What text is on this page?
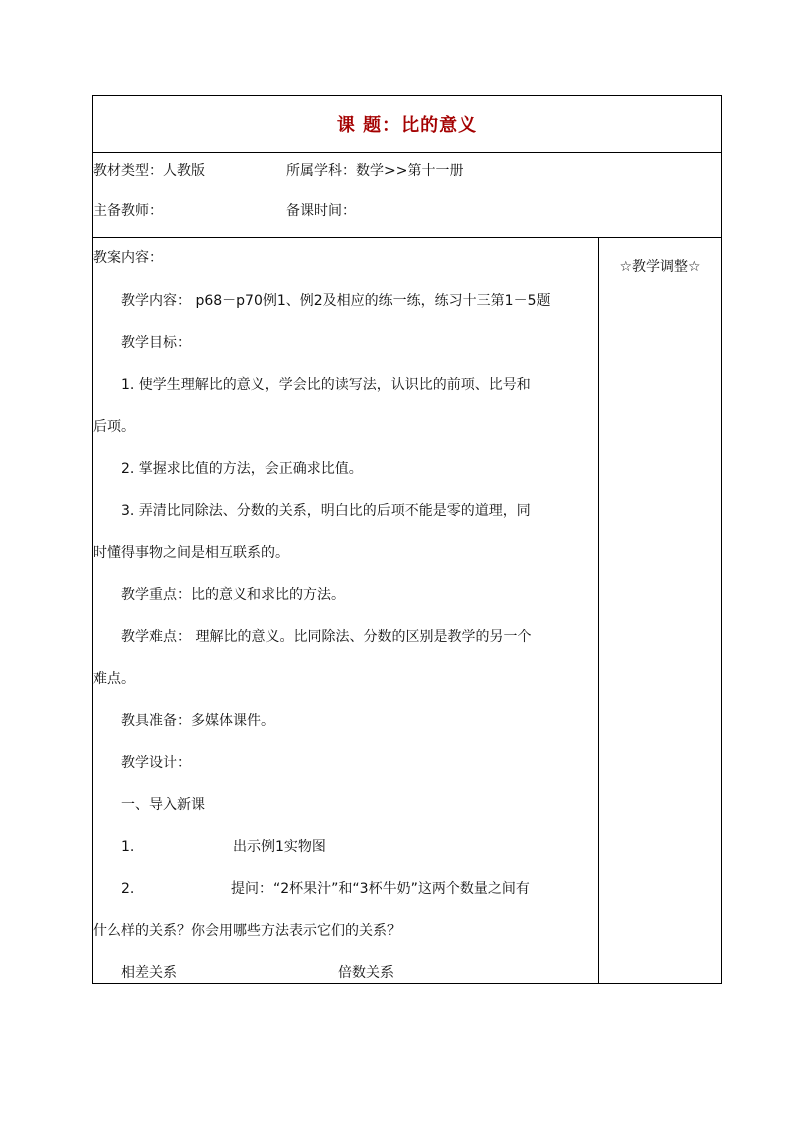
课 题：比的意义
教材类型：人教版	所属学科：数学>>第十一册
主备教师：	备课时间：
教案内容：
教学内容： p68－p70例1、例2及相应的练一练，练习十三第1－5题
教学目标：
1. 使学生理解比的意义，学会比的读写法，认识比的前项、比号和
后项。
2. 掌握求比值的方法，会正确求比值。
3. 弄清比同除法、分数的关系，明白比的后项不能是零的道理，同
时懂得事物之间是相互联系的。
教学重点：比的意义和求比的方法。
教学难点： 理解比的意义。比同除法、分数的区别是教学的另一个
难点。
教具准备：多媒体课件。
教学设计：
一、导入新课
1.	出示例1实物图
2.	提问：“2杯果汁”和“3杯牛奶”这两个数量之间有
什么样的关系？你会用哪些方法表示它们的关系？
相差关系	倍数关系
☆教学调整☆
